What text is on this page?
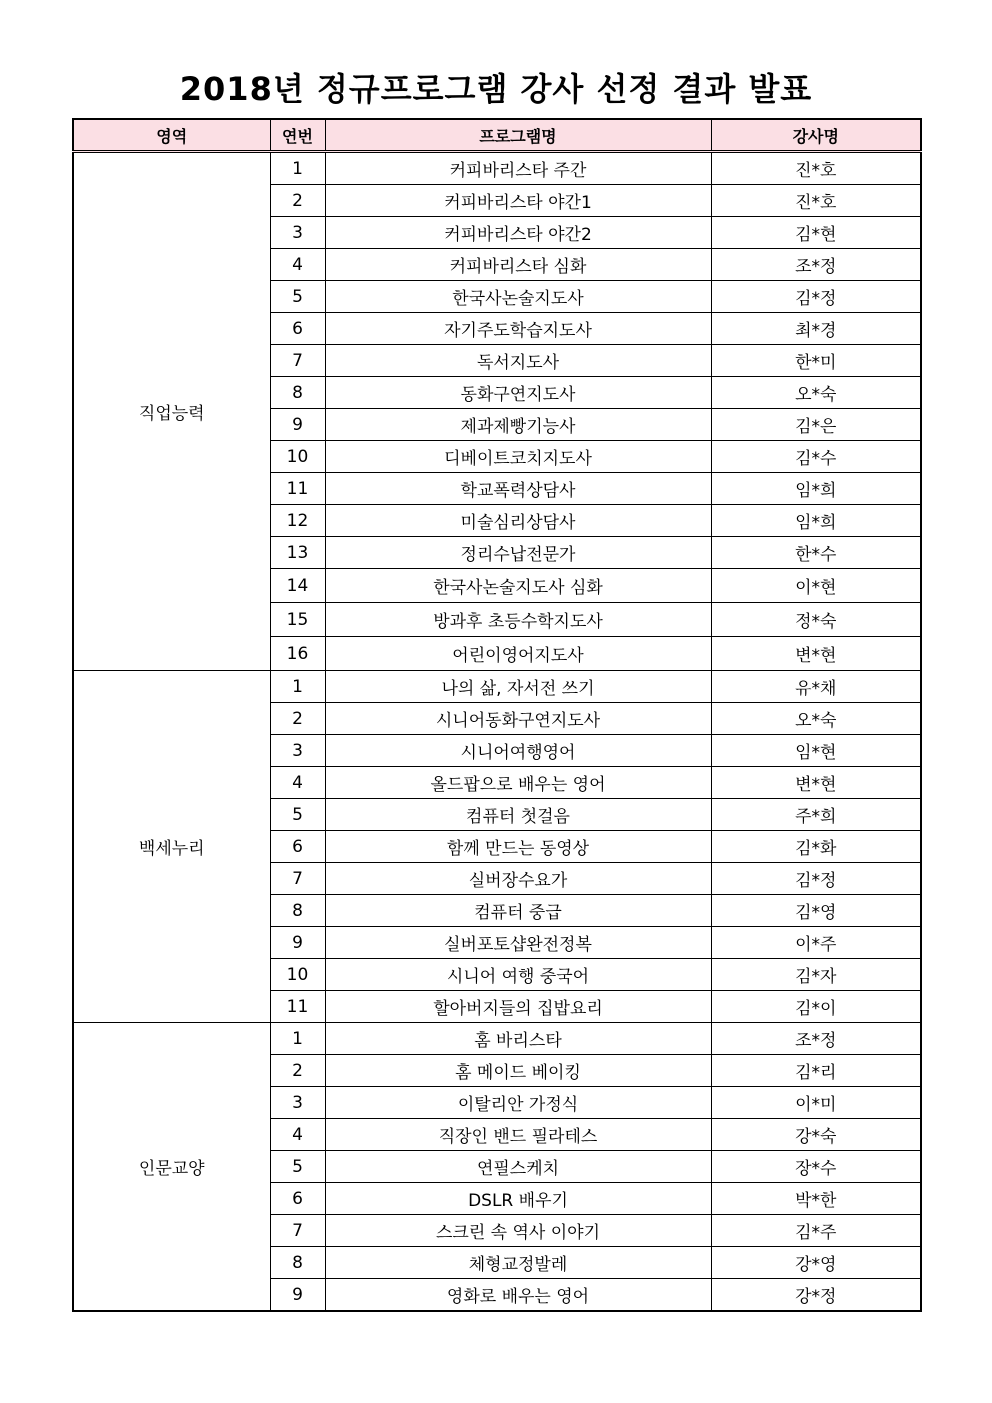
2018년 정규프로그램 강사 선정 결과 발표
영역	연번	프로그램명	강사명
직업능력	1	커피바리스타 주간	진*호
	2	커피바리스타 야간1	진*호
	3	커피바리스타 야간2	김*현
	4	커피바리스타 심화	조*정
	5	한국사논술지도사	김*정
	6	자기주도학습지도사	최*경
	7	독서지도사	한*미
	8	동화구연지도사	오*숙
	9	제과제빵기능사	김*은
	10	디베이트코치지도사	김*수
	11	학교폭력상담사	임*희
	12	미술심리상담사	임*희
	13	정리수납전문가	한*수
	14	한국사논술지도사 심화	이*현
	15	방과후 초등수학지도사	정*숙
	16	어린이영어지도사	변*현
백세누리	1	나의 삶, 자서전 쓰기	유*채
	2	시니어동화구연지도사	오*숙
	3	시니어여행영어	임*현
	4	올드팝으로 배우는 영어	변*현
	5	컴퓨터 첫걸음	주*희
	6	함께 만드는 동영상	김*화
	7	실버장수요가	김*정
	8	컴퓨터 중급	김*영
	9	실버포토샵완전정복	이*주
	10	시니어 여행 중국어	김*자
	11	할아버지들의 집밥요리	김*이
인문교양	1	홈 바리스타	조*정
	2	홈 메이드 베이킹	김*리
	3	이탈리안 가정식	이*미
	4	직장인 밴드 필라테스	강*숙
	5	연필스케치	장*수
	6	DSLR 배우기	박*한
	7	스크린 속 역사 이야기	김*주
	8	체형교정발레	강*영
	9	영화로 배우는 영어	강*정
